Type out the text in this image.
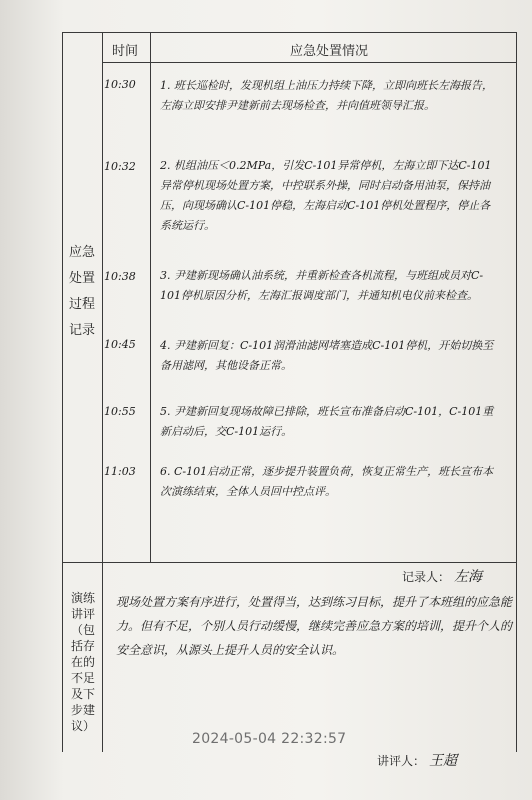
时间	应急处置情况
应急
处置
过程
记录
10:30 1. 班长巡检时，发现机组上油压力持续下降，立即向班长左海报告，左海立即安排尹建新前去现场检查，并向值班领导汇报。
10:32 2. 机组油压＜0.2MPa，引发C-101异常停机，左海立即下达C-101异常停机现场处置方案，中控联系外操，同时启动备用油泵，保持油压，向现场确认C-101停稳，左海启动C-101停机处置程序，停止各系统运行。
10:38 3. 尹建新现场确认油系统，并重新检查各机流程，与班组成员对C-101停机原因分析，左海汇报调度部门，并通知机电仪前来检查。
10:45 4. 尹建新回复：C-101润滑油滤网堵塞造成C-101停机，开始切换至备用滤网，其他设备正常。
10:55 5. 尹建新回复现场故障已排除，班长宣布准备启动C-101，C-101重新启动后，交C-101运行。
11:03 6. C-101启动正常，逐步提升装置负荷，恢复正常生产，班长宣布本次演练结束，全体人员回中控点评。
记录人： 左海
演练
讲评
（包
括存
在的
不足
及下
步建
议）
现场处置方案有序进行，处置得当，达到练习目标，提升了本班组的应急能力。但有不足，个别人员行动缓慢，继续完善应急方案的培训，提升个人的安全意识，从源头上提升人员的安全认识。
2024-05-04 22:32:57
讲评人： 王超
